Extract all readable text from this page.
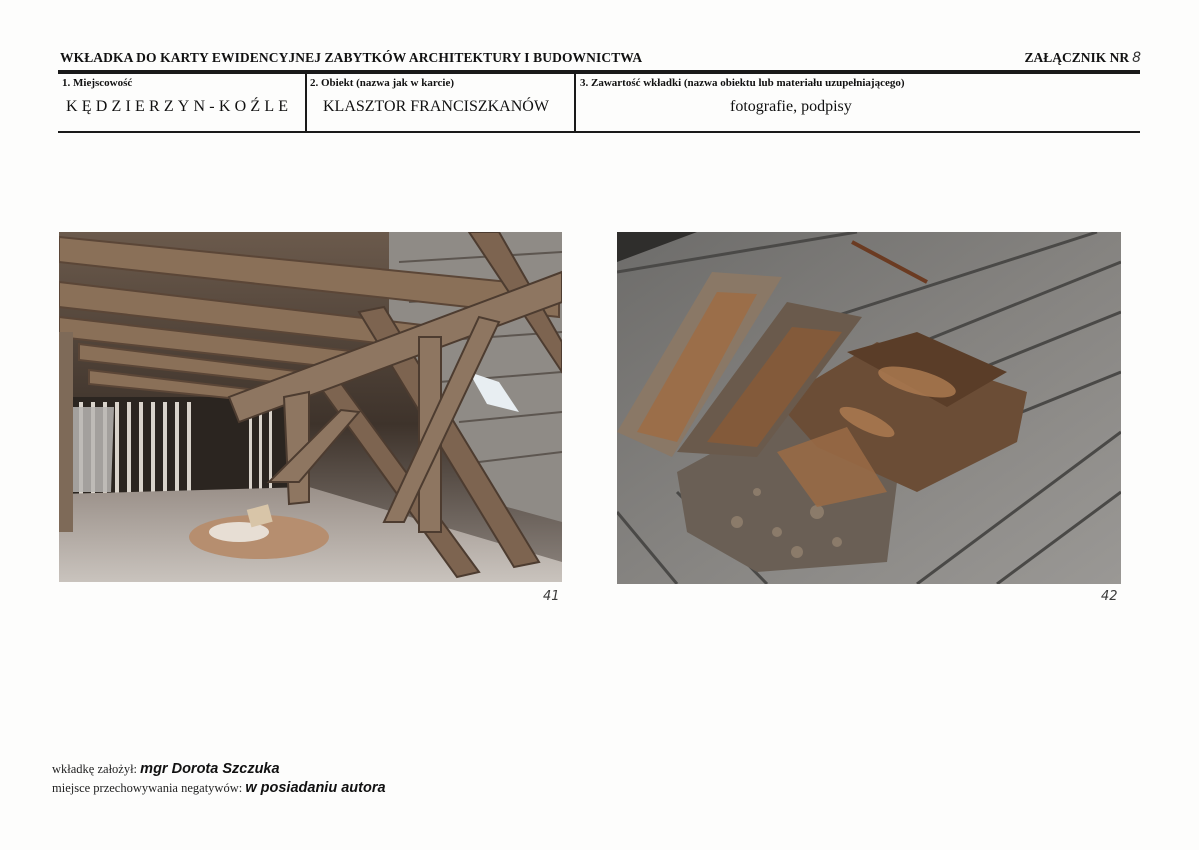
WKŁADKA DO KARTY EWIDENCYJNEJ ZABYTKÓW ARCHITEKTURY I BUDOWNICTWA	ZAŁĄCZNIK NR 8
1. Miejscowość
KĘDZIERZYN-KOŹLE
2. Obiekt (nazwa jak w karcie)
KLASZTOR FRANCISZKANÓW
3. Zawartość wkładki (nazwa obiektu lub materiału uzupełniającego)
fotografie, podpisy
41	42
wkładkę założył: mgr Dorota Szczuka
miejsce przechowywania negatywów: w posiadaniu autora
